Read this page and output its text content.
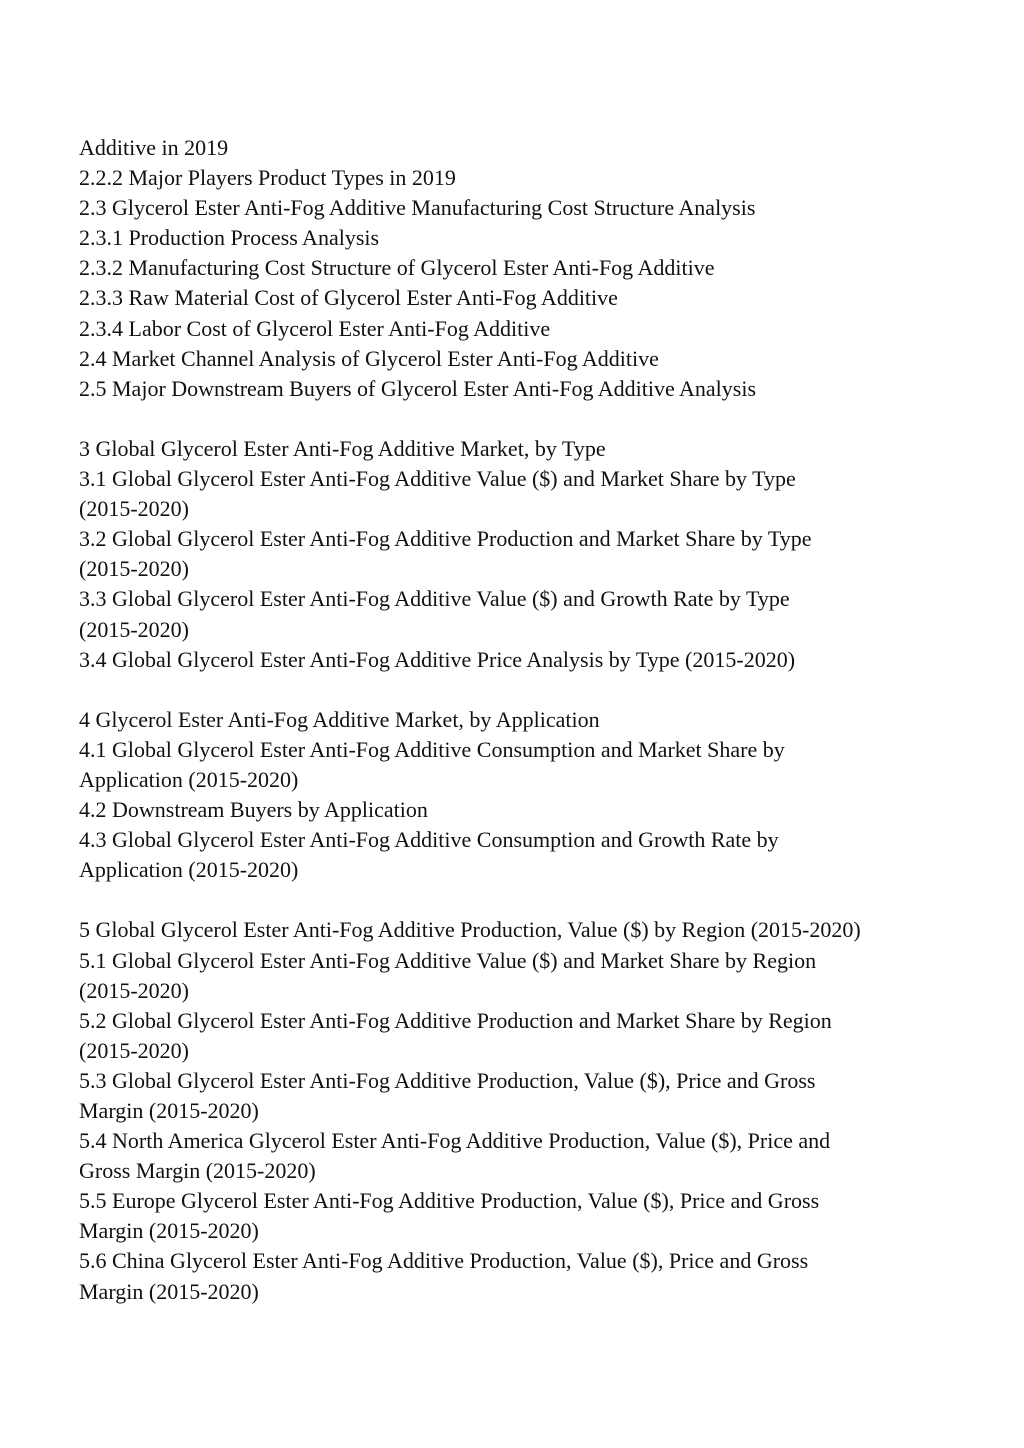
Additive in 2019
2.2.2 Major Players Product Types in 2019
2.3 Glycerol Ester Anti-Fog Additive Manufacturing Cost Structure Analysis
2.3.1 Production Process Analysis
2.3.2 Manufacturing Cost Structure of Glycerol Ester Anti-Fog Additive
2.3.3 Raw Material Cost of Glycerol Ester Anti-Fog Additive
2.3.4 Labor Cost of Glycerol Ester Anti-Fog Additive
2.4 Market Channel Analysis of Glycerol Ester Anti-Fog Additive
2.5 Major Downstream Buyers of Glycerol Ester Anti-Fog Additive Analysis
3 Global Glycerol Ester Anti-Fog Additive Market, by Type
3.1 Global Glycerol Ester Anti-Fog Additive Value ($) and Market Share by Type
(2015-2020)
3.2 Global Glycerol Ester Anti-Fog Additive Production and Market Share by Type
(2015-2020)
3.3 Global Glycerol Ester Anti-Fog Additive Value ($) and Growth Rate by Type
(2015-2020)
3.4 Global Glycerol Ester Anti-Fog Additive Price Analysis by Type (2015-2020)
4 Glycerol Ester Anti-Fog Additive Market, by Application
4.1 Global Glycerol Ester Anti-Fog Additive Consumption and Market Share by
Application (2015-2020)
4.2 Downstream Buyers by Application
4.3 Global Glycerol Ester Anti-Fog Additive Consumption and Growth Rate by
Application (2015-2020)
5 Global Glycerol Ester Anti-Fog Additive Production, Value ($) by Region (2015-2020)
5.1 Global Glycerol Ester Anti-Fog Additive Value ($) and Market Share by Region
(2015-2020)
5.2 Global Glycerol Ester Anti-Fog Additive Production and Market Share by Region
(2015-2020)
5.3 Global Glycerol Ester Anti-Fog Additive Production, Value ($), Price and Gross
Margin (2015-2020)
5.4 North America Glycerol Ester Anti-Fog Additive Production, Value ($), Price and
Gross Margin (2015-2020)
5.5 Europe Glycerol Ester Anti-Fog Additive Production, Value ($), Price and Gross
Margin (2015-2020)
5.6 China Glycerol Ester Anti-Fog Additive Production, Value ($), Price and Gross
Margin (2015-2020)
